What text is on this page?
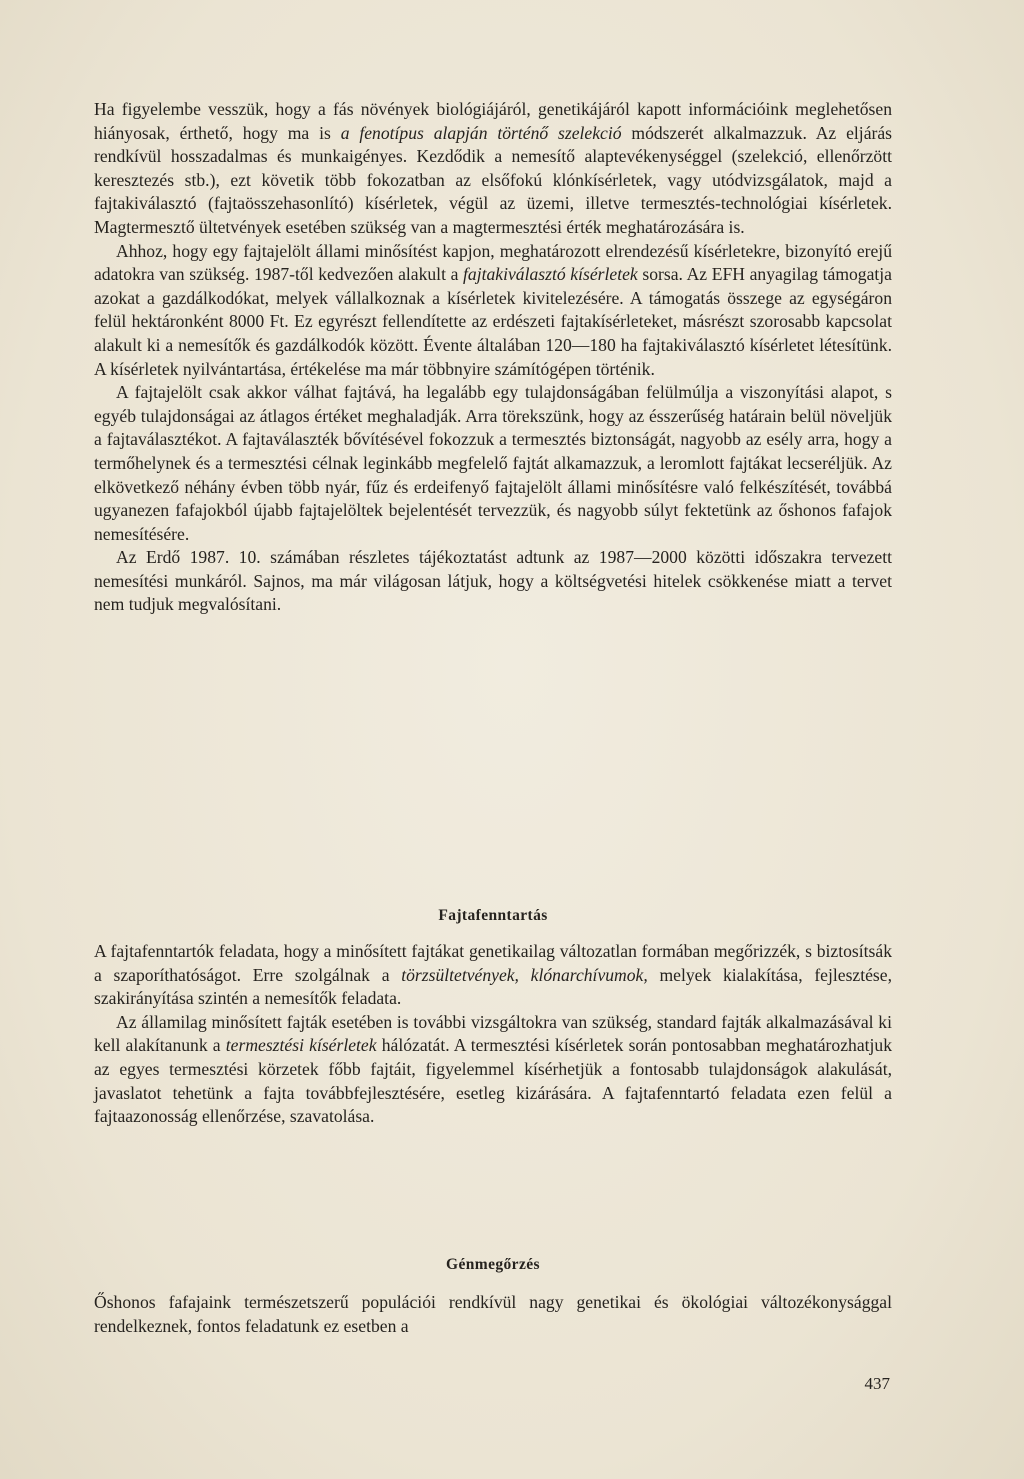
Ha figyelembe vesszük, hogy a fás növények biológiájáról, genetikájáról kapott információink meglehetősen hiányosak, érthető, hogy ma is a fenotípus alapján történő szelekció módszerét alkalmazzuk. Az eljárás rendkívül hosszadalmas és munkaigényes. Kezdődik a nemesítő alaptevékenységgel (szelekció, ellenőrzött keresztezés stb.), ezt követik több fokozatban az elsőfokú klónkísérletek, vagy utódvizsgálatok, majd a fajtakiválasztó (fajtaösszehasonlító) kísérletek, végül az üzemi, illetve termesztés-technológiai kísérletek. Magtermesztő ültetvények esetében szükség van a magtermesztési érték meghatározására is.

Ahhoz, hogy egy fajtajelölt állami minősítést kapjon, meghatározott elrendezésű kísérletekre, bizonyító erejű adatokra van szükség. 1987-től kedvezően alakult a fajtakiválasztó kísérletek sorsa. Az EFH anyagilag támogatja azokat a gazdálkodókat, melyek vállalkoznak a kísérletek kivitelezésére. A támogatás összege az egységáron felül hektáronként 8000 Ft. Ez egyrészt fellendítette az erdészeti fajtakísérleteket, másrészt szorosabb kapcsolat alakult ki a nemesítők és gazdálkodók között. Évente általában 120—180 ha fajtakiválasztó kísérletet létesítünk. A kísérletek nyilvántartása, értékelése ma már többnyire számítógépen történik.

A fajtajelölt csak akkor válhat fajtává, ha legalább egy tulajdonságában felülmúlja a viszonyítási alapot, s egyéb tulajdonságai az átlagos értéket meghaladják. Arra törekszünk, hogy az ésszerűség határain belül növeljük a fajtaválasztékot. A fajtaválaszték bővítésével fokozzuk a termesztés biztonságát, nagyobb az esély arra, hogy a termőhelynek és a termesztési célnak leginkább megfelelő fajtát alkamazzuk, a leromlott fajtákat lecseréljük. Az elkövetkező néhány évben több nyár, fűz és erdeifenyő fajtajelölt állami minősítésre való felkészítését, továbbá ugyanezen fafajokból újabb fajtajelöltek bejelentését tervezzük, és nagyobb súlyt fektetünk az őshonos fafajok nemesítésére.

Az Erdő 1987. 10. számában részletes tájékoztatást adtunk az 1987—2000 közötti időszakra tervezett nemesítési munkáról. Sajnos, ma már világosan látjuk, hogy a költségvetési hitelek csökkenése miatt a tervet nem tudjuk megvalósítani.

Fajtafenntartás

A fajtafenntartók feladata, hogy a minősített fajtákat genetikailag változatlan formában megőrizzék, s biztosítsák a szaporíthatóságot. Erre szolgálnak a törzsültetvények, klónarchívumok, melyek kialakítása, fejlesztése, szakirányítása szintén a nemesítők feladata.

Az államilag minősített fajták esetében is további vizsgáltokra van szükség, standard fajták alkalmazásával ki kell alakítanunk a termesztési kísérletek hálózatát. A termesztési kísérletek során pontosabban meghatározhatjuk az egyes termesztési körzetek főbb fajtáit, figyelemmel kísérhetjük a fontosabb tulajdonságok alakulását, javaslatot tehetünk a fajta továbbfejlesztésére, esetleg kizárására. A fajtafenntartó feladata ezen felül a fajtaazonosság ellenőrzése, szavatolása.

Génmegőrzés

Őshonos fafajaink természetszerű populációi rendkívül nagy genetikai és ökológiai változékonysággal rendelkeznek, fontos feladatunk ez esetben a

437
